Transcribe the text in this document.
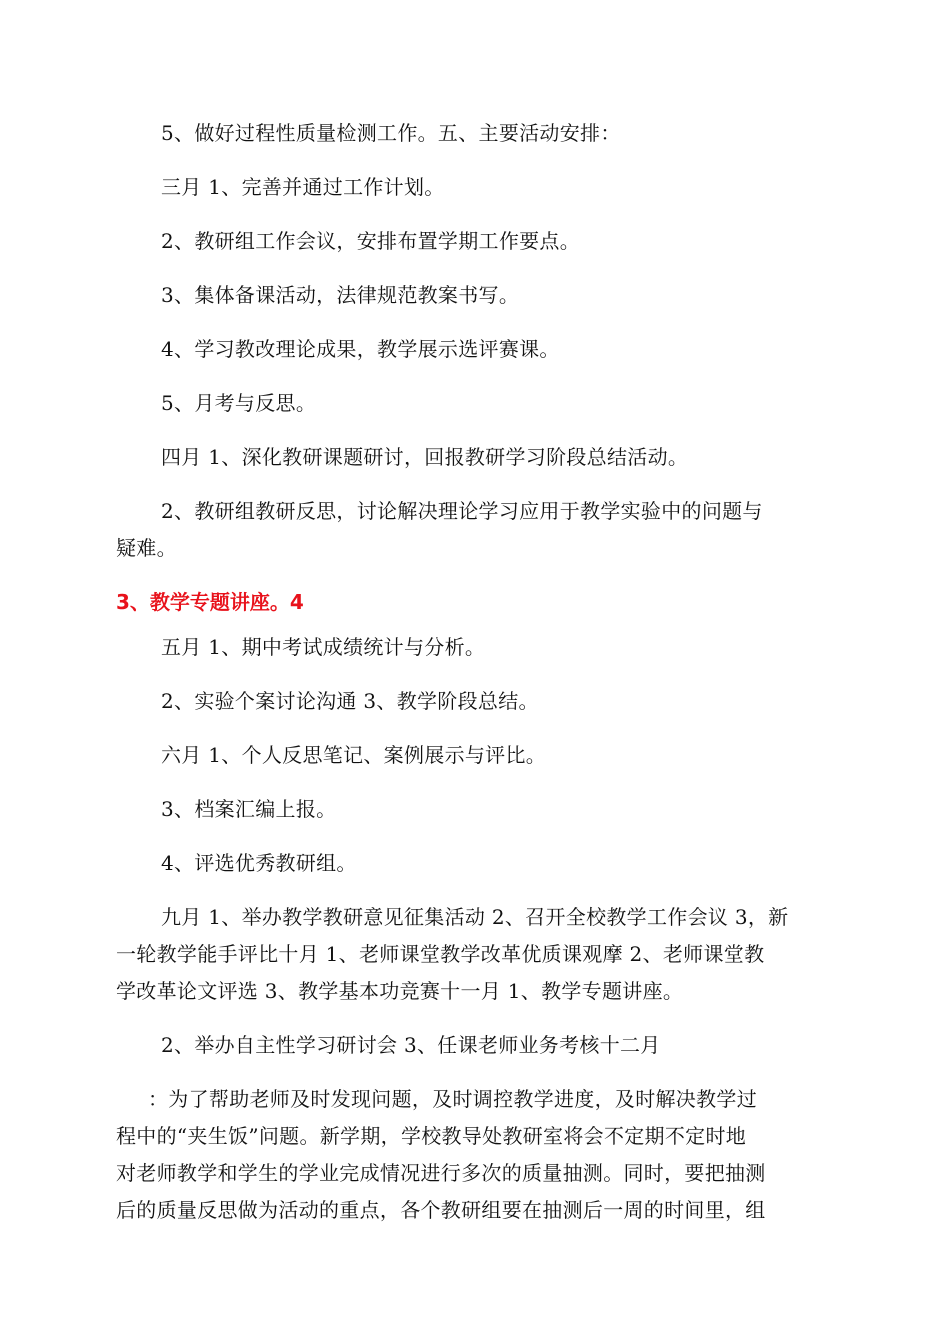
5、做好过程性质量检测工作。五、主要活动安排：
三月 1、完善并通过工作计划。
2、教研组工作会议，安排布置学期工作要点。
3、集体备课活动，法律规范教案书写。
4、学习教改理论成果，教学展示选评赛课。
5、月考与反思。
四月 1、深化教研课题研讨，回报教研学习阶段总结活动。
2、教研组教研反思，讨论解决理论学习应用于教学实验中的问题与
疑难。
3、教学专题讲座。4
五月 1、期中考试成绩统计与分析。
2、实验个案讨论沟通 3、教学阶段总结。
六月 1、个人反思笔记、案例展示与评比。
3、档案汇编上报。
4、评选优秀教研组。
九月 1、举办教学教研意见征集活动 2、召开全校教学工作会议 3，新
一轮教学能手评比十月 1、老师课堂教学改革优质课观摩 2、老师课堂教
学改革论文评选 3、教学基本功竞赛十一月 1、教学专题讲座。
2、举办自主性学习研讨会 3、任课老师业务考核十二月
：为了帮助老师及时发现问题，及时调控教学进度，及时解决教学过
程中的“夹生饭”问题。新学期，学校教导处教研室将会不定期不定时地
对老师教学和学生的学业完成情况进行多次的质量抽测。同时，要把抽测
后的质量反思做为活动的重点，各个教研组要在抽测后一周的时间里，组
